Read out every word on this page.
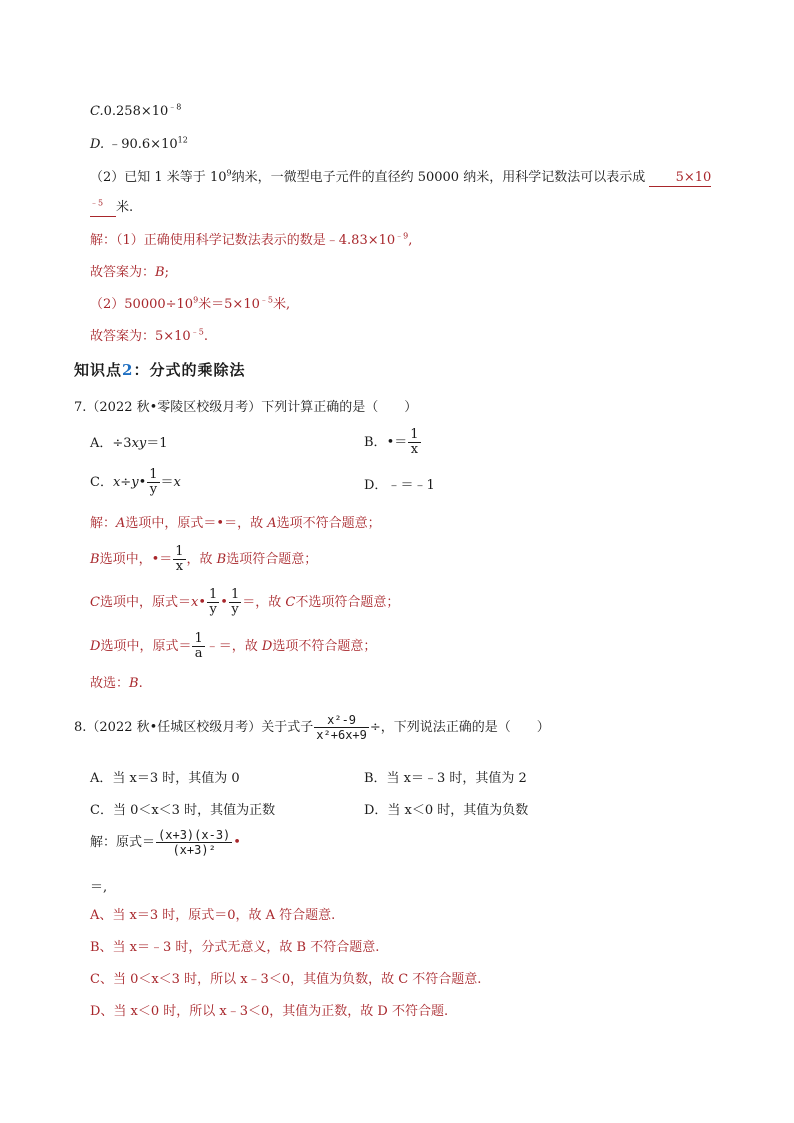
$C.0.258\times 10^{﹣8}$
D. $﹣90.6\times 10^{12}$
（2）已知 1 米等于 $10^9$纳米，一微型电子元件的直径约 50000 纳米，用科学记数法可以表示成 5×10
$^{﹣5}$ 米.
解：（1）正确使用科学记数法表示的数是$﹣4.83\times 10^{﹣9}$,
故答案为：B;
$(2)50000\div 10^9$米$=5\times 10^{﹣5}$米,
故答案为：$5\times 10^{﹣5}$.
知识点2：分式的乘除法
7.（2022 秋•零陵区校级月考）下列计算正确的是（　　）
A．÷3xy＝1	B．•＝ $\frac{1}{x}$
C．x÷y• $\frac{1}{y} =x$	D．﹣＝﹣1
解：A选项中，原式＝•＝，故 A选项不符合题意；
B选项中，•＝ $\frac{1}{x}$ ，故 B选项符合题意；
C选项中，原式＝x• $\frac{1}{y}$ • $\frac{1}{y}$ ＝，故 C不选项符合题意；
D选项中，原式＝ $\frac{1}{a}$ ﹣＝，故 D选项不符合题意；
故选：B.
8.（2022 秋•任城区校级月考）关于式子 $\frac{\text{x²-9}}{\text{x²+6x+9}}$ ÷，下列说法正确的是（　　）
A．当 x＝3 时，其值为 0	B．当 x＝﹣3 时，其值为 2
C．当 0＜x＜3 时，其值为正数	D．当 x＜0 时，其值为负数
解：原式＝ $\frac{(x+3)(x-3)}{\text{(x+3)²}}$ •
＝,
A、当 x＝3 时，原式＝0，故 A 符合题意.
B、当 x＝﹣3 时，分式无意义，故 B 不符合题意.
C、当 0＜x＜3 时，所以 x﹣3＜0，其值为负数，故 C 不符合题意.
D、当 x＜0 时，所以 x﹣3＜0，其值为正数，故 D 不符合题.
